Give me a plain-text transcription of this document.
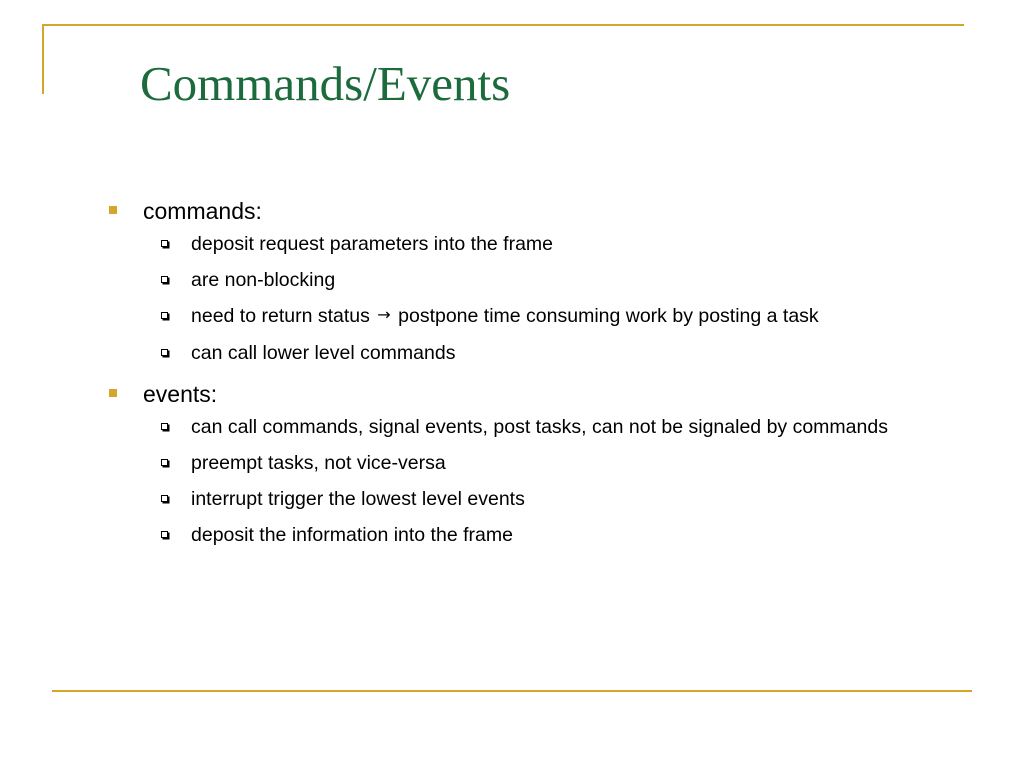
Commands/Events
commands:
deposit request parameters into the frame
are non-blocking
need to return status → postpone time consuming work by posting a task
can call lower level commands
events:
can call commands, signal events, post tasks, can not be signaled by commands
preempt tasks, not vice-versa
interrupt trigger the lowest level events
deposit the information into the frame
